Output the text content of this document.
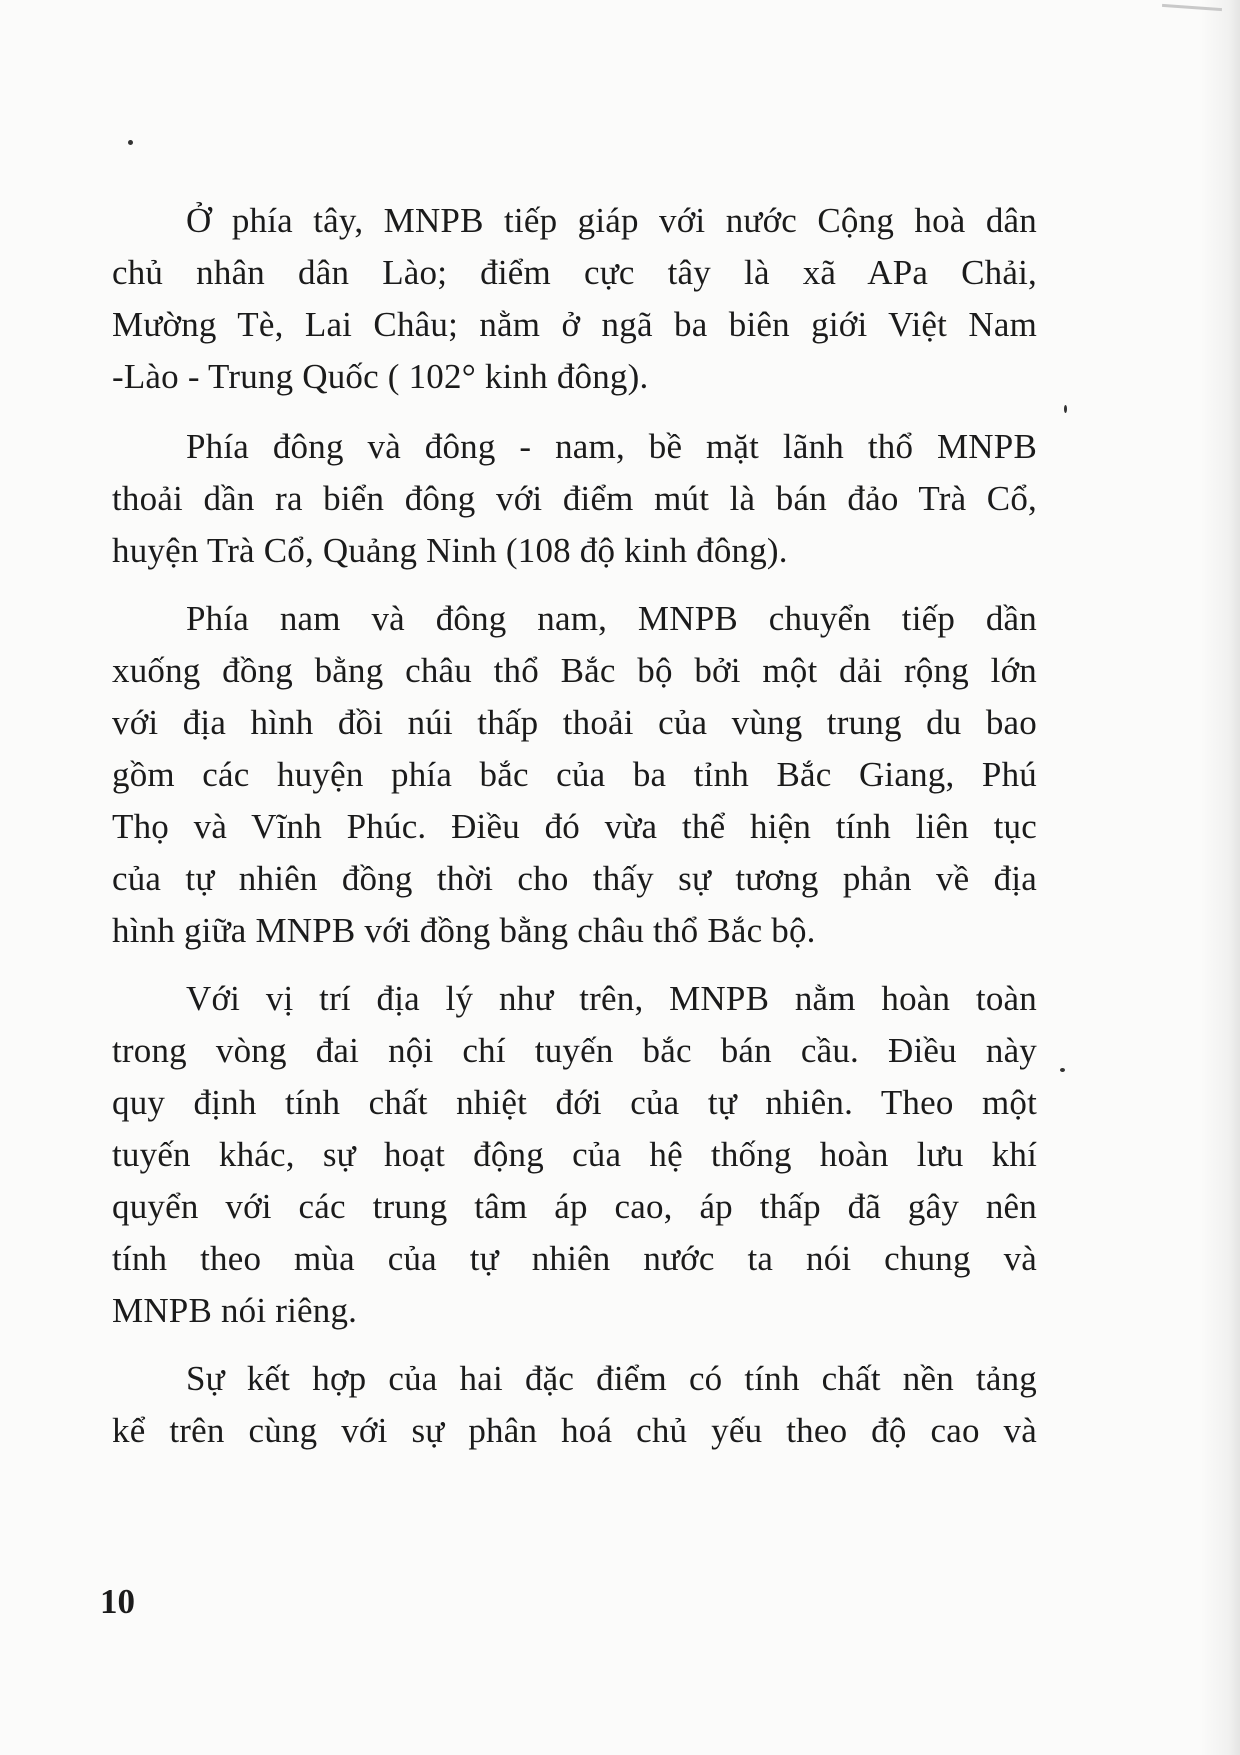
Ở phía tây, MNPB tiếp giáp với nước Cộng hoà dân
chủ nhân dân Lào; điểm cực tây là xã APa Chải,
Mường Tè, Lai Châu; nằm ở ngã ba biên giới Việt Nam
-Lào - Trung Quốc ( 102° kinh đông).

Phía đông và đông - nam, bề mặt lãnh thổ MNPB
thoải dần ra biển đông với điểm mút là bán đảo Trà Cổ,
huyện Trà Cổ, Quảng Ninh (108 độ kinh đông).

Phía nam và đông nam, MNPB chuyển tiếp dần
xuống đồng bằng châu thổ Bắc bộ bởi một dải rộng lớn
với địa hình đồi núi thấp thoải của vùng trung du bao
gồm các huyện phía bắc của ba tỉnh Bắc Giang, Phú
Thọ và Vĩnh Phúc. Điều đó vừa thể hiện tính liên tục
của tự nhiên đồng thời cho thấy sự tương phản về địa
hình giữa MNPB với đồng bằng châu thổ Bắc bộ.

Với vị trí địa lý như trên, MNPB nằm hoàn toàn
trong vòng đai nội chí tuyến bắc bán cầu. Điều này
quy định tính chất nhiệt đới của tự nhiên. Theo một
tuyến khác, sự hoạt động của hệ thống hoàn lưu khí
quyển với các trung tâm áp cao, áp thấp đã gây nên
tính theo mùa của tự nhiên nước ta nói chung và
MNPB nói riêng.

Sự kết hợp của hai đặc điểm có tính chất nền tảng
kể trên cùng với sự phân hoá chủ yếu theo độ cao và

10
